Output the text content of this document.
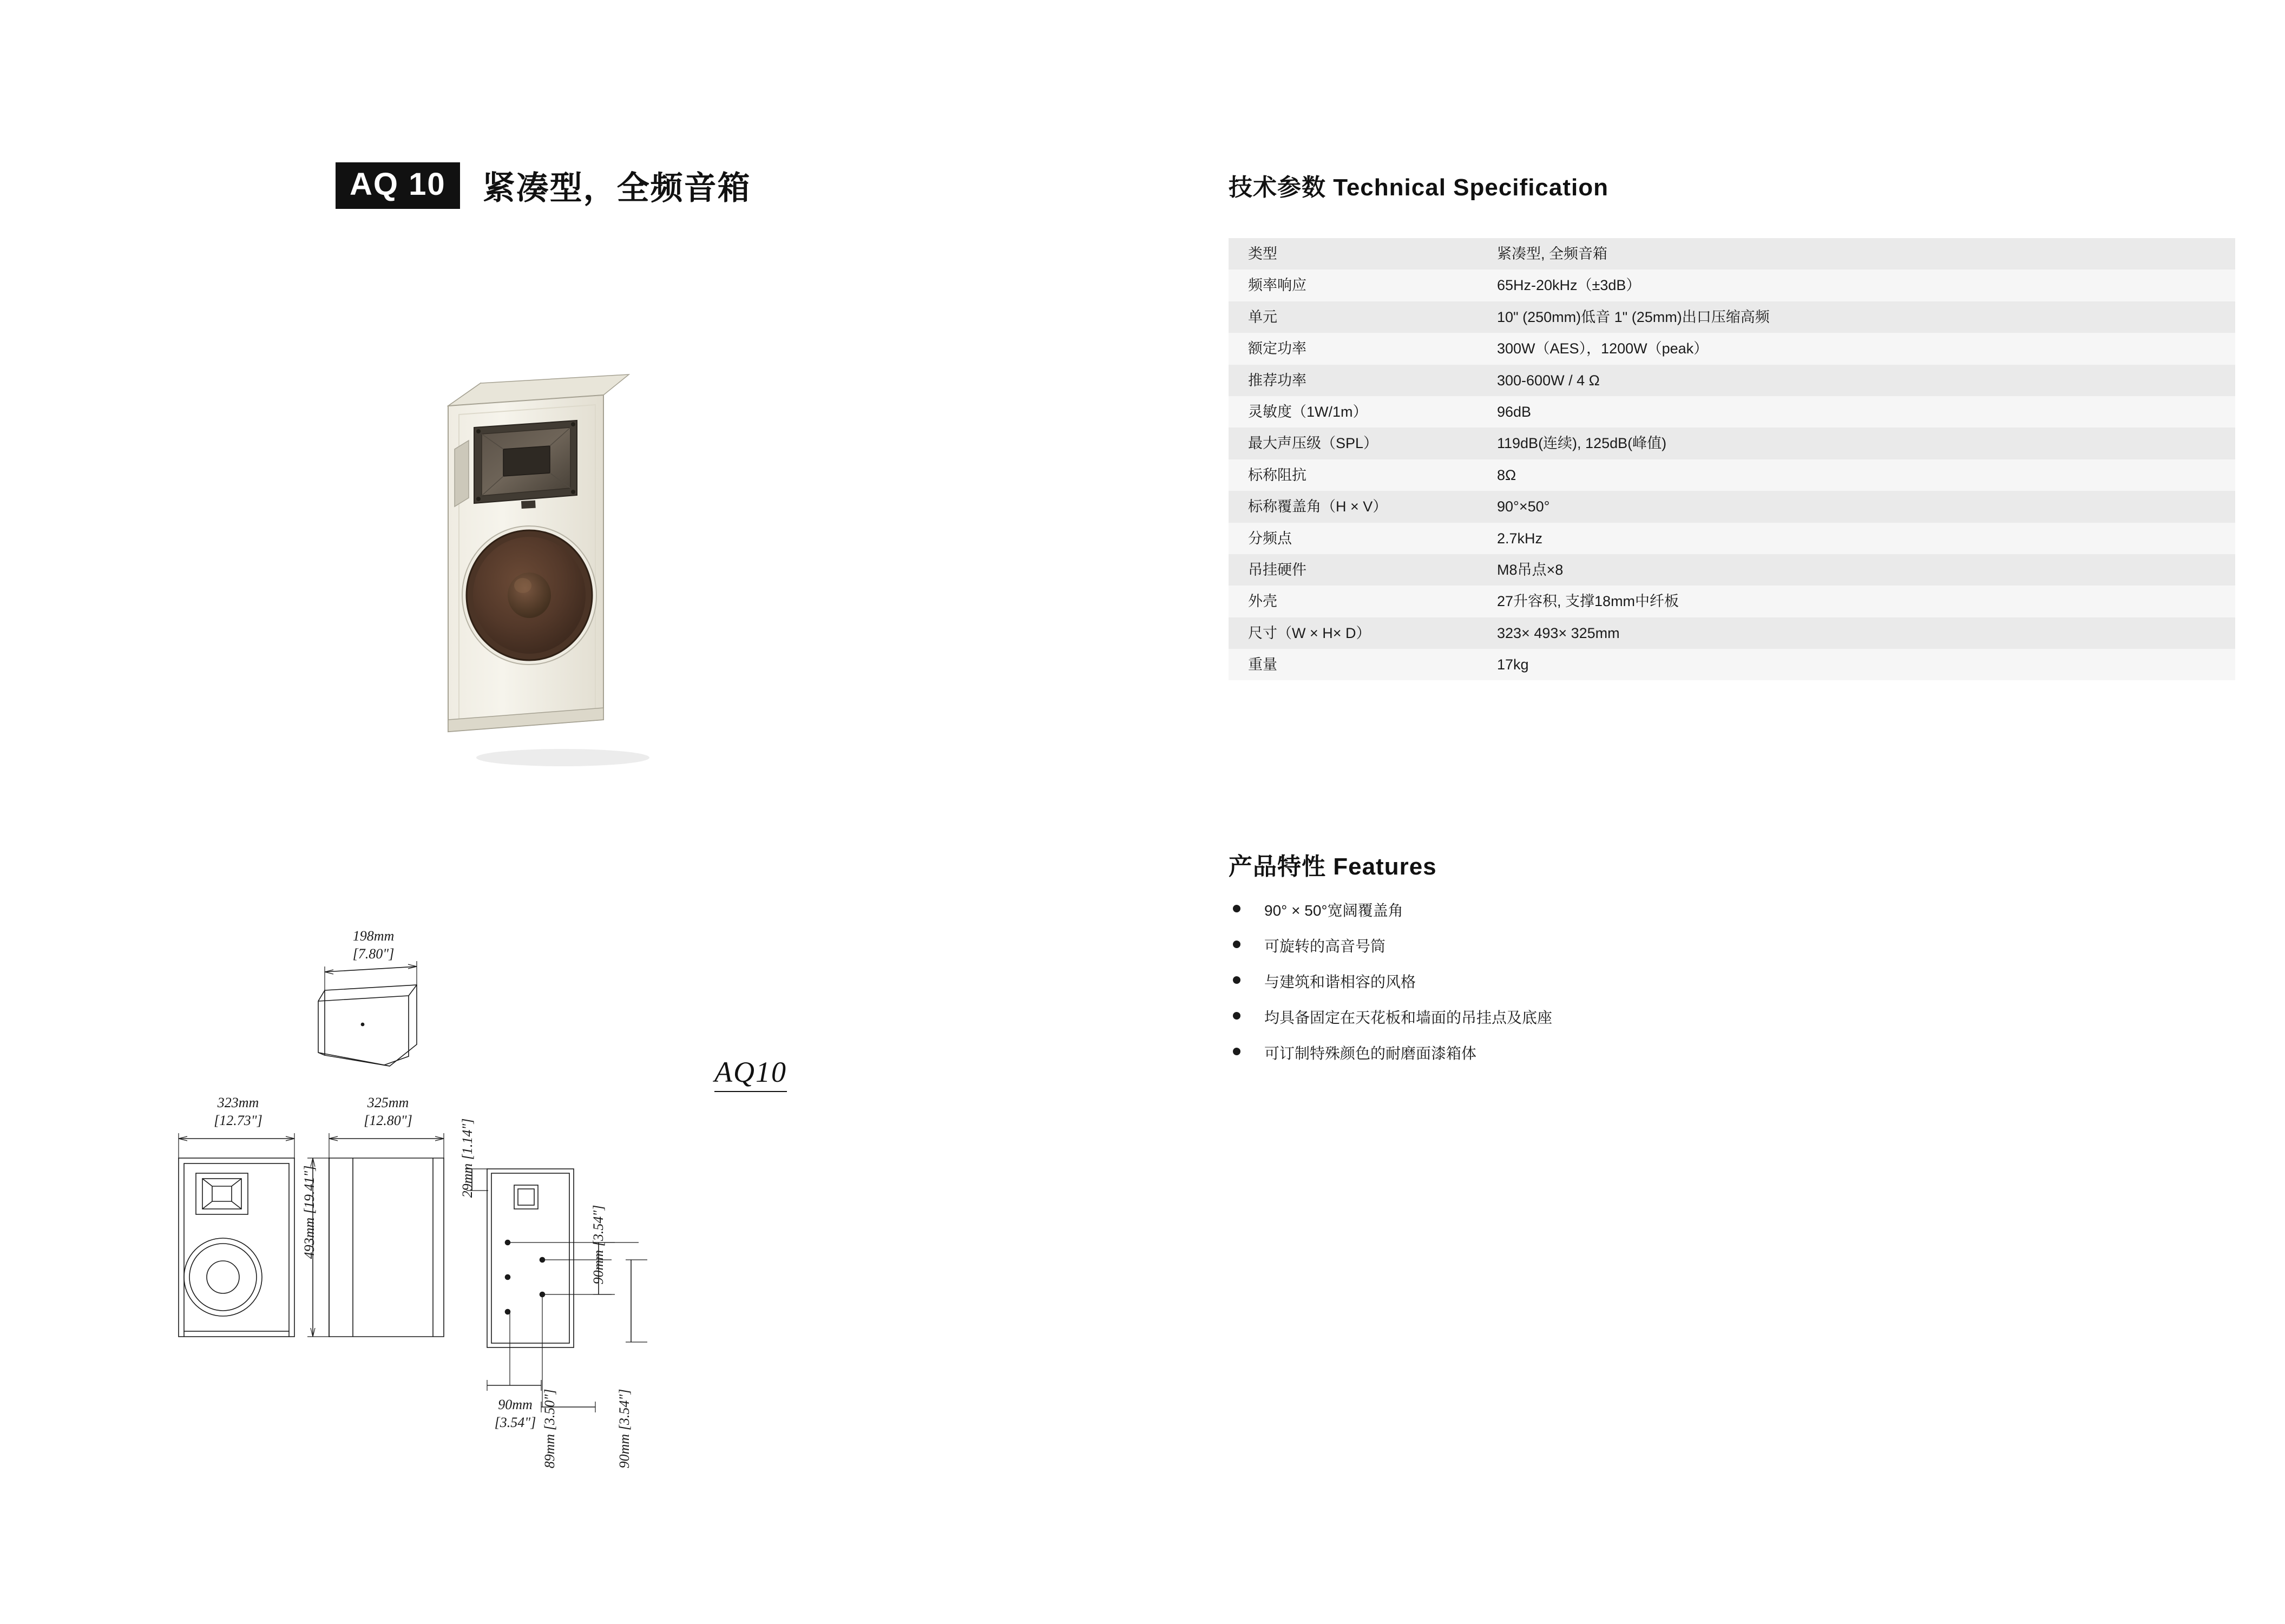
AQ 10	紧凑型，全频音箱
198mm
[7.80"]
323mm
[12.73"]
325mm
[12.80"]
493mm [19.41"]	29mm [1.14"]
90mm [3.54"]
90mm
[3.54"]
89mm [3.50"]
90mm [3.54"]
AQ10
技术参数 Technical Specification
类型	紧凑型, 全频音箱
频率响应	65Hz-20kHz（±3dB）
单元	10" (250mm)低音 1" (25mm)出口压缩高频
额定功率	300W（AES），1200W（peak）
推荐功率	300-600W / 4 Ω
灵敏度（1W/1m）	96dB
最大声压级（SPL）	119dB(连续), 125dB(峰值)
标称阻抗	8Ω
标称覆盖角（H × V）	90°×50°
分频点	2.7kHz
吊挂硬件	M8吊点×8
外壳	27升容积, 支撑18mm中纤板
尺寸（W × H× D）	323× 493× 325mm
重量	17kg
产品特性 Features
90° × 50°宽阔覆盖角
可旋转的高音号筒
与建筑和谐相容的风格
均具备固定在天花板和墙面的吊挂点及底座
可订制特殊颜色的耐磨面漆箱体
